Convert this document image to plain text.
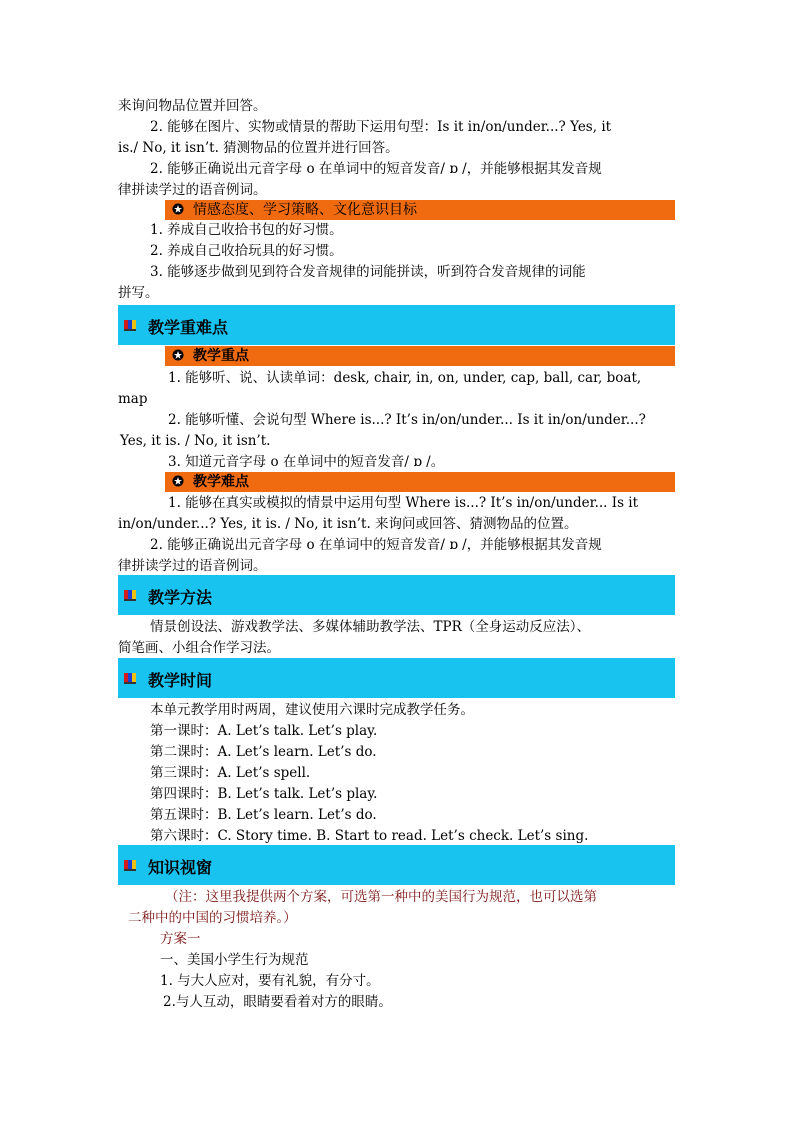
来询问物品位置并回答。
2. 能够在图片、实物或情景的帮助下运用句型：Is it in/on/under...? Yes, it
is./ No, it isn’t. 猜测物品的位置并进行回答。
2. 能够正确说出元音字母 o 在单词中的短音发音/ ɒ /，并能够根据其发音规
律拼读学过的语音例词。
情感态度、学习策略、文化意识目标
1. 养成自己收拾书包的好习惯。
2. 养成自己收拾玩具的好习惯。
3. 能够逐步做到见到符合发音规律的词能拼读，听到符合发音规律的词能
拼写。
教学重难点
教学重点
1. 能够听、说、认读单词：desk, chair, in, on, under, cap, ball, car, boat,
map
2. 能够听懂、会说句型 Where is...? It’s in/on/under... Is it in/on/under...?
Yes, it is. / No, it isn’t.
3. 知道元音字母 o 在单词中的短音发音/ ɒ /。
教学难点
1. 能够在真实或模拟的情景中运用句型 Where is...? It’s in/on/under... Is it
in/on/under...? Yes, it is. / No, it isn’t. 来询问或回答、猜测物品的位置。
2. 能够正确说出元音字母 o 在单词中的短音发音/ ɒ /，并能够根据其发音规
律拼读学过的语音例词。
教学方法
情景创设法、游戏教学法、多媒体辅助教学法、TPR（全身运动反应法）、
简笔画、小组合作学习法。
教学时间
本单元教学用时两周，建议使用六课时完成教学任务。
第一课时：A. Let’s talk. Let’s play.
第二课时：A. Let’s learn. Let’s do.
第三课时：A. Let’s spell.
第四课时：B. Let’s talk. Let’s play.
第五课时：B. Let’s learn. Let’s do.
第六课时：C. Story time. B. Start to read. Let’s check. Let’s sing.
知识视窗
（注：这里我提供两个方案，可选第一种中的美国行为规范，也可以选第
二种中的中国的习惯培养。）
方案一
一、美国小学生行为规范
1. 与大人应对，要有礼貌，有分寸。
2.与人互动，眼睛要看着对方的眼睛。
